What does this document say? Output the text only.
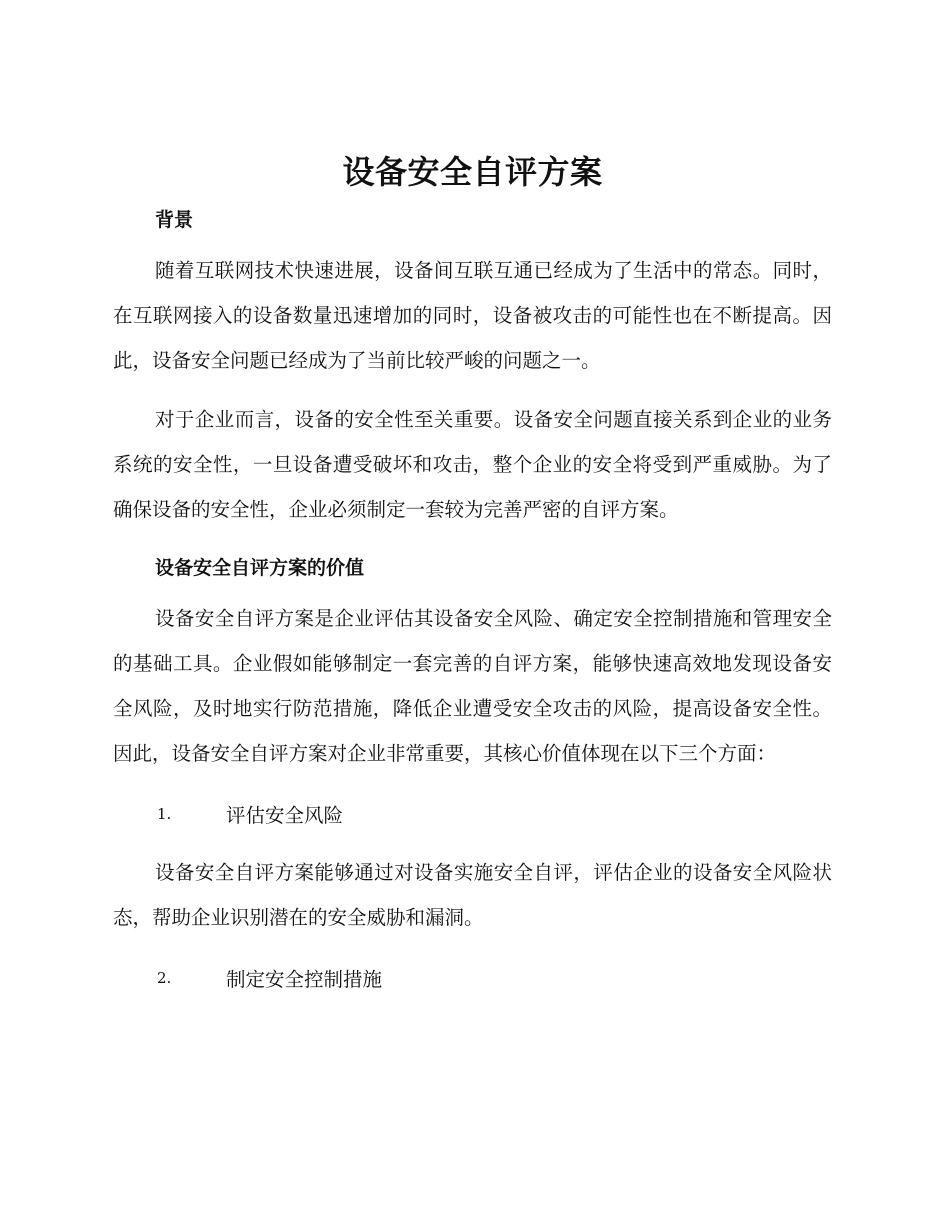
设备安全自评方案
背景

随着互联网技术快速进展，设备间互联互通已经成为了生活中的常态。同时，在互联网接入的设备数量迅速增加的同时，设备被攻击的可能性也在不断提高。因此，设备安全问题已经成为了当前比较严峻的问题之一。

对于企业而言，设备的安全性至关重要。设备安全问题直接关系到企业的业务系统的安全性，一旦设备遭受破坏和攻击，整个企业的安全将受到严重威胁。为了确保设备的安全性，企业必须制定一套较为完善严密的自评方案。

设备安全自评方案的价值

设备安全自评方案是企业评估其设备安全风险、确定安全控制措施和管理安全的基础工具。企业假如能够制定一套完善的自评方案，能够快速高效地发现设备安全风险，及时地实行防范措施，降低企业遭受安全攻击的风险，提高设备安全性。因此，设备安全自评方案对企业非常重要，其核心价值体现在以下三个方面：

1.	评估安全风险

设备安全自评方案能够通过对设备实施安全自评，评估企业的设备安全风险状态，帮助企业识别潜在的安全威胁和漏洞。

2.	制定安全控制措施
